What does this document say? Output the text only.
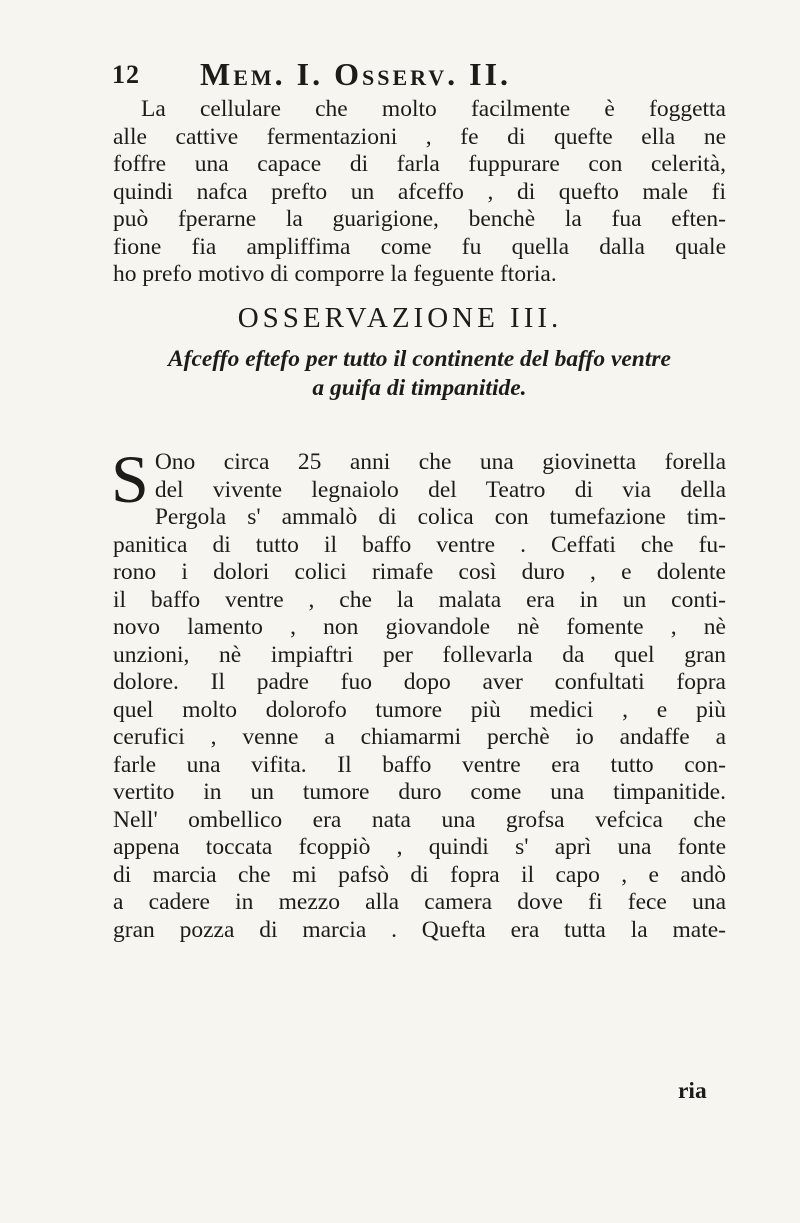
12 Mem. I. Osserv. II.
La cellulare che molto facilmente è foggetta
alle cattive fermentazioni , fe di quefte ella ne
foffre una capace di farla fuppurare con celerità,
quindi nafca prefto un afceffo , di quefto male fi
può fperarne la guarigione, benchè la fua eften-
fione fia ampliffima come fu quella dalla quale
ho prefo motivo di comporre la feguente ftoria.
OSSERVAZIONE III.
Afceffo eftefo per tutto il continente del baffo ventre
a guifa di timpanitide.
S Ono circa 25 anni che una giovinetta forella
del vivente legnaiolo del Teatro di via della
Pergola s' ammalò di colica con tumefazione tim-
panitica di tutto il baffo ventre . Ceffati che fu-
rono i dolori colici rimafe così duro , e dolente
il baffo ventre , che la malata era in un conti-
novo lamento , non giovandole nè fomente , nè
unzioni, nè impiaftri per follevarla da quel gran
dolore. Il padre fuo dopo aver confultati fopra
quel molto dolorofo tumore più medici , e più
cerufici , venne a chiamarmi perchè io andaffe a
farle una vifita. Il baffo ventre era tutto con-
vertito in un tumore duro come una timpanitide.
Nell' ombellico era nata una grofsa vefcica che
appena toccata fcoppiò , quindi s' aprì una fonte
di marcia che mi pafsò di fopra il capo , e andò
a cadere in mezzo alla camera dove fi fece una
gran pozza di marcia . Quefta era tutta la mate-
ria
